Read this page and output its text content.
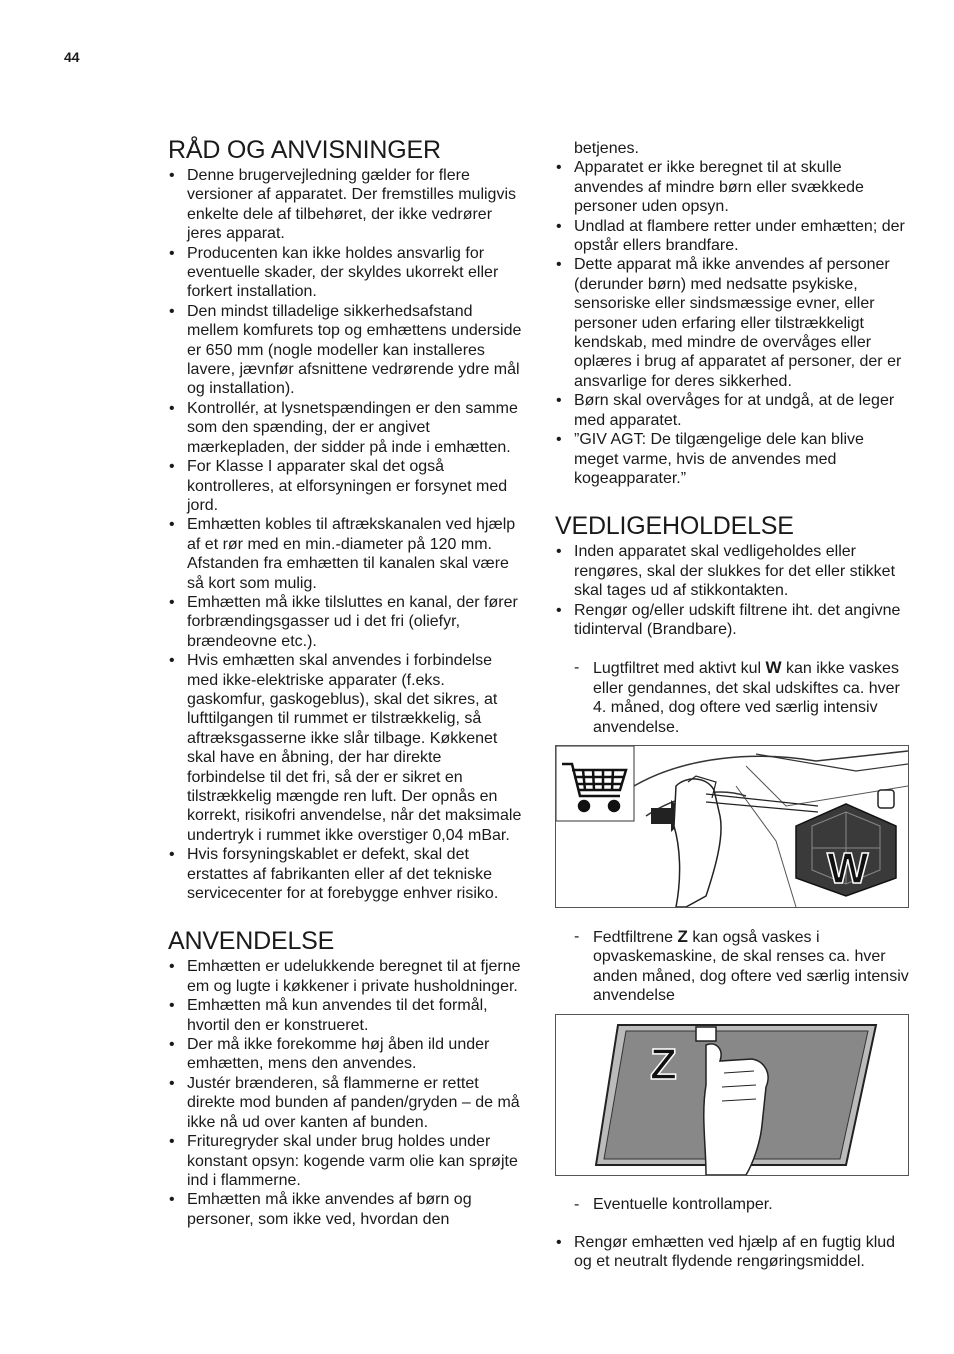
44
RÅD OG ANVISNINGER
• Denne brugervejledning gælder for flere versioner af apparatet. Der fremstilles muligvis enkelte dele af tilbehøret, der ikke vedrører jeres apparat.
• Producenten kan ikke holdes ansvarlig for eventuelle skader, der skyldes ukorrekt eller forkert installation.
• Den mindst tilladelige sikkerhedsafstand mellem komfurets top og emhættens underside er 650 mm (nogle modeller kan installeres lavere, jævnfør afsnittene vedrørende ydre mål og installation).
• Kontrollér, at lysnetspændingen er den samme som den spænding, der er angivet mærkepladen, der sidder på inde i emhætten.
• For Klasse I apparater skal det også kontrolleres, at elforsyningen er forsynet med jord.
• Emhætten kobles til aftrækskanalen ved hjælp af et rør med en min.-diameter på 120 mm. Afstanden fra emhætten til kanalen skal være så kort som mulig.
• Emhætten må ikke tilsluttes en kanal, der fører forbrændingsgasser ud i det fri (oliefyr, brændeovne etc.).
• Hvis emhætten skal anvendes i forbindelse med ikke-elektriske apparater (f.eks. gaskomfur, gaskogeblus), skal det sikres, at lufttilgangen til rummet er tilstrækkelig, så aftræksgasserne ikke slår tilbage. Køkkenet skal have en åbning, der har direkte forbindelse til det fri, så der er sikret en tilstrækkelig mængde ren luft. Der opnås en korrekt, risikofri anvendelse, når det maksimale undertryk i rummet ikke overstiger 0,04 mBar.
• Hvis forsyningskablet er defekt, skal det erstattes af fabrikanten eller af det tekniske servicecenter for at forebygge enhver risiko.
ANVENDELSE
• Emhætten er udelukkende beregnet til at fjerne em og lugte i køkkener i private husholdninger.
• Emhætten må kun anvendes til det formål, hvortil den er konstrueret.
• Der må ikke forekomme høj åben ild under emhætten, mens den anvendes.
• Justér brænderen, så flammerne er rettet direkte mod bunden af panden/gryden – de må ikke nå ud over kanten af bunden.
• Frituregryder skal under brug holdes under konstant opsyn: kogende varm olie kan sprøjte ind i flammerne.
• Emhætten må ikke anvendes af børn og personer, som ikke ved, hvordan den
betjenes.
• Apparatet er ikke beregnet til at skulle anvendes af mindre børn eller svækkede personer uden opsyn.
• Undlad at flambere retter under emhætten; der opstår ellers brandfare.
• Dette apparat må ikke anvendes af personer (derunder børn) med nedsatte psykiske, sensoriske eller sindsmæssige evner, eller personer uden erfaring eller tilstrækkeligt kendskab, med mindre de overvåges eller oplæres i brug af apparatet af personer, der er ansvarlige for deres sikkerhed.
• Børn skal overvåges for at undgå, at de leger med apparatet.
• ”GIV AGT: De tilgængelige dele kan blive meget varme, hvis de anvendes med kogeapparater.”
VEDLIGEHOLDELSE
• Inden apparatet skal vedligeholdes eller rengøres, skal der slukkes for det eller stikket skal tages ud af stikkontakten.
• Rengør og/eller udskift filtrene iht. det angivne tidinterval (Brandbare).
- Lugtfiltret med aktivt kul W kan ikke vaskes eller gendannes, det skal udskiftes ca. hver 4. måned, dog oftere ved særlig intensiv anvendelse.
W
- Fedtfiltrene Z kan også vaskes i opvaskemaskine, de skal renses ca. hver anden måned, dog oftere ved særlig intensiv anvendelse
Z
- Eventuelle kontrollamper.
• Rengør emhætten ved hjælp af en fugtig klud og et neutralt flydende rengøringsmiddel.
